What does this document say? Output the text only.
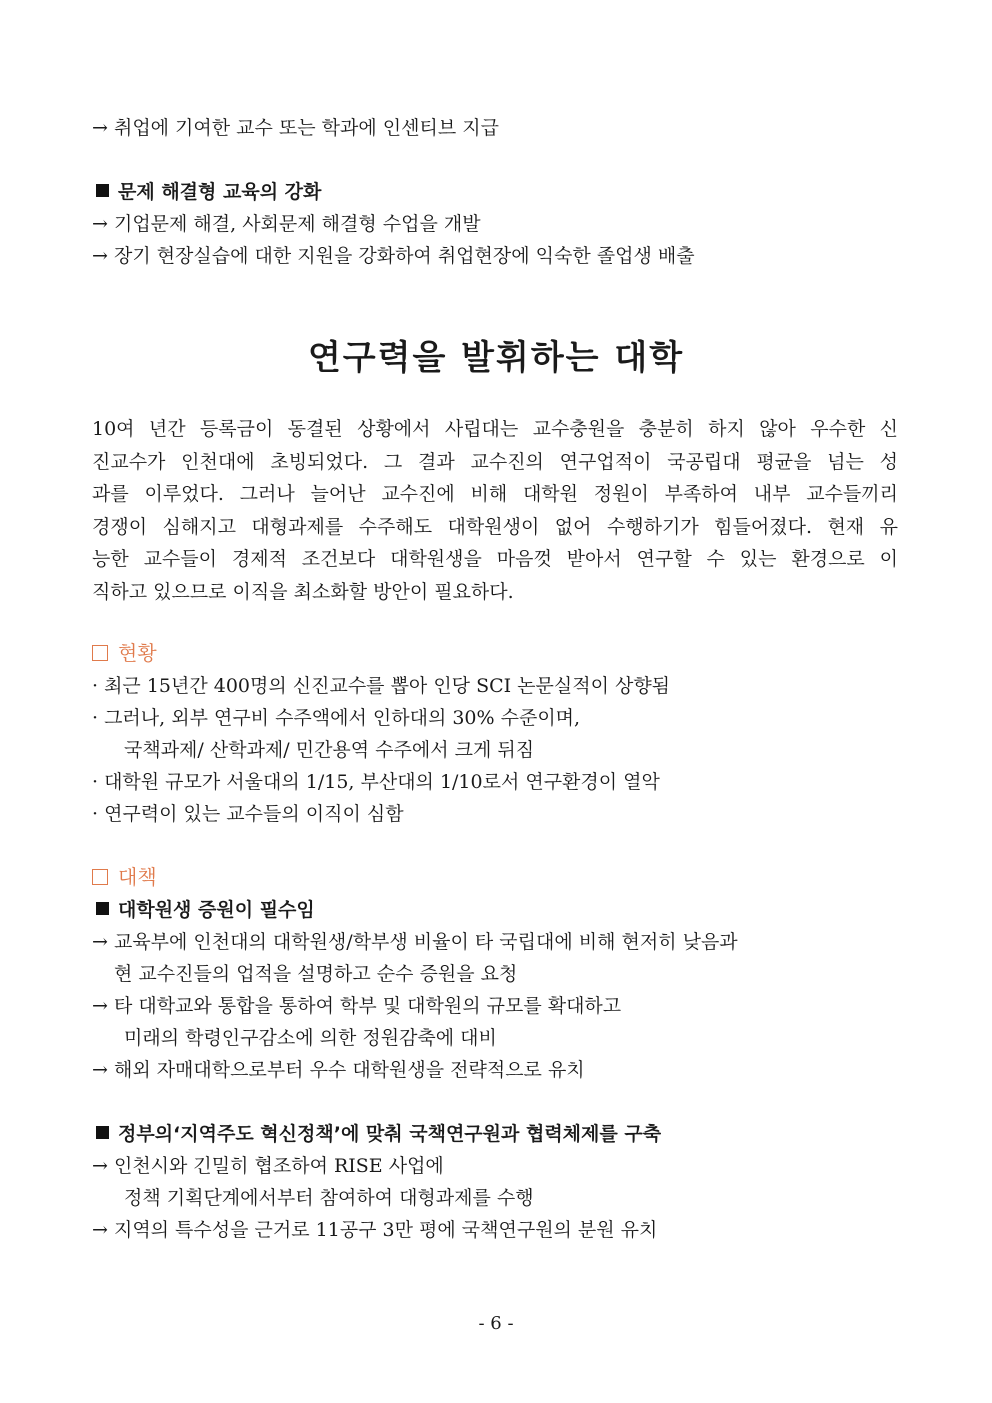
→ 취업에 기여한 교수 또는 학과에 인센티브 지급
문제 해결형 교육의 강화
→ 기업문제 해결, 사회문제 해결형 수업을 개발
→ 장기 현장실습에 대한 지원을 강화하여 취업현장에 익숙한 졸업생 배출
연구력을 발휘하는 대학
10여 년간 등록금이 동결된 상황에서 사립대는 교수충원을 충분히 하지 않아 우수한 신
진교수가 인천대에 초빙되었다. 그 결과 교수진의 연구업적이 국공립대 평균을 넘는 성
과를 이루었다. 그러나 늘어난 교수진에 비해 대학원 정원이 부족하여 내부 교수들끼리
경쟁이 심해지고 대형과제를 수주해도 대학원생이 없어 수행하기가 힘들어졌다. 현재 유
능한 교수들이 경제적 조건보다 대학원생을 마음껏 받아서 연구할 수 있는 환경으로 이
직하고 있으므로 이직을 최소화할 방안이 필요하다.
현황
· 최근 15년간 400명의 신진교수를 뽑아 인당 SCI 논문실적이 상향됨
· 그러나, 외부 연구비 수주액에서 인하대의 30% 수준이며,
국책과제/ 산학과제/ 민간용역 수주에서 크게 뒤짐
· 대학원 규모가 서울대의 1/15, 부산대의 1/10로서 연구환경이 열악
· 연구력이 있는 교수들의 이직이 심함
대책
대학원생 증원이 필수임
→ 교육부에 인천대의 대학원생/학부생 비율이 타 국립대에 비해 현저히 낮음과
현 교수진들의 업적을 설명하고 순수 증원을 요청
→ 타 대학교와 통합을 통하여 학부 및 대학원의 규모를 확대하고
미래의 학령인구감소에 의한 정원감축에 대비
→ 해외 자매대학으로부터 우수 대학원생을 전략적으로 유치
정부의‘지역주도 혁신정책’에 맞춰 국책연구원과 협력체제를 구축
→ 인천시와 긴밀히 협조하여 RISE 사업에
정책 기획단계에서부터 참여하여 대형과제를 수행
→ 지역의 특수성을 근거로 11공구 3만 평에 국책연구원의 분원 유치
- 6 -
